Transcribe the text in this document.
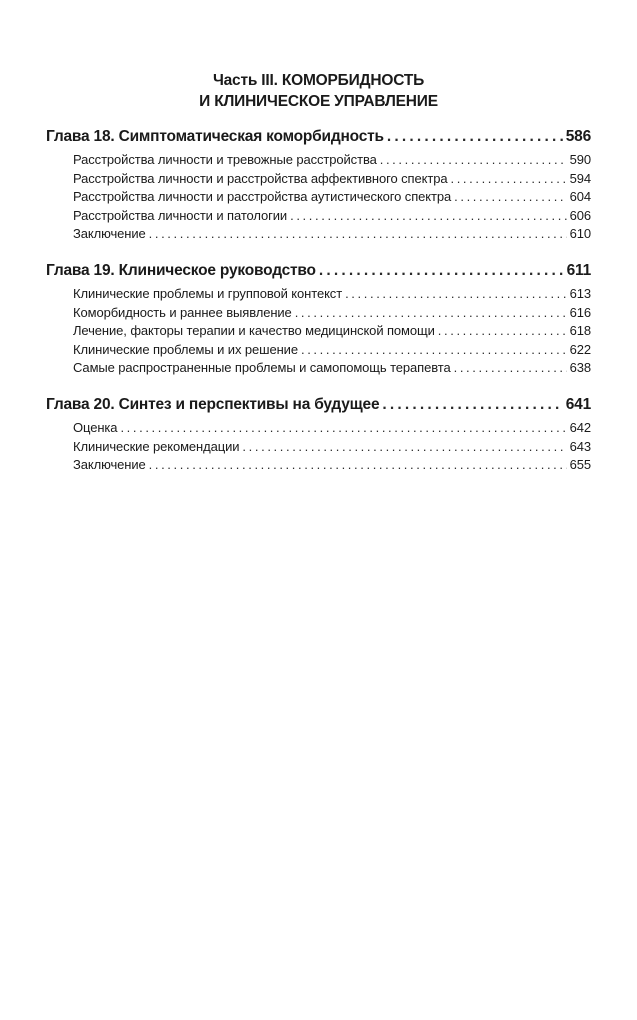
Часть III. КОМОРБИДНОСТЬ
И КЛИНИЧЕСКОЕ УПРАВЛЕНИЕ
Глава 18. Симптоматическая коморбидность .....	586
Расстройства личности и тревожные расстройства . . .	590
Расстройства личности и расстройства аффективного спектра . . .	594
Расстройства личности и расстройства аутистического спектра . . .	604
Расстройства личности и патологии . . .	606
Заключение . . .	610
Глава 19. Клиническое руководство .....	611
Клинические проблемы и групповой контекст . . .	613
Коморбидность и раннее выявление . . .	616
Лечение, факторы терапии и качество медицинской помощи . . .	618
Клинические проблемы и их решение . . .	622
Самые распространенные проблемы и самопомощь терапевта . . .	638
Глава 20. Синтез и перспективы на будущее .....	641
Оценка . . .	642
Клинические рекомендации . . .	643
Заключение . . .	655
